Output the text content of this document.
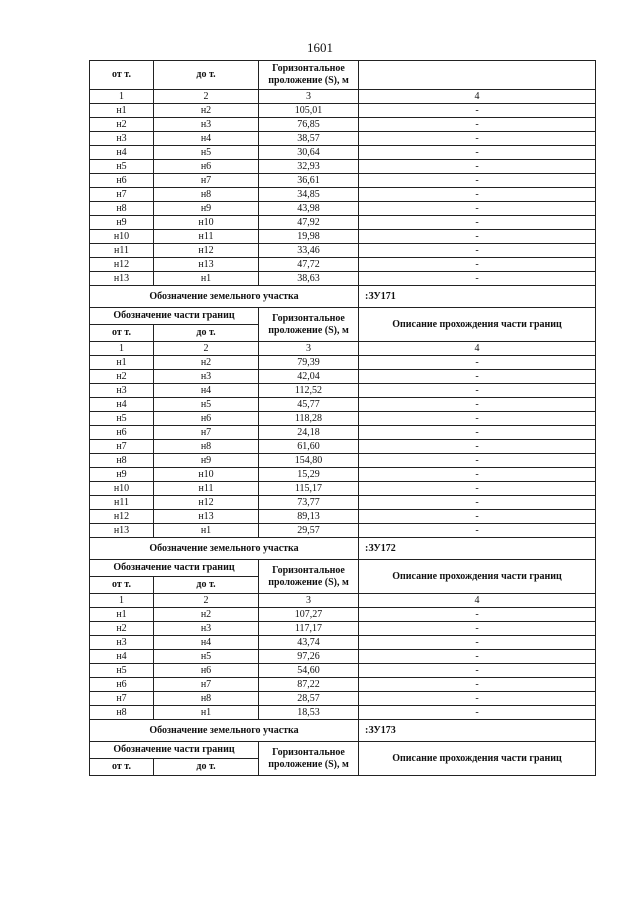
1601
от т.	до т.	Горизонтальное проложение (S), м	
1	2	3	4
н1	н2	105,01	-
н2	н3	76,85	-
н3	н4	38,57	-
н4	н5	30,64	-
н5	н6	32,93	-
н6	н7	36,61	-
н7	н8	34,85	-
н8	н9	43,98	-
н9	н10	47,92	-
н10	н11	19,98	-
н11	н12	33,46	-
н12	н13	47,72	-
н13	н1	38,63	-
Обозначение земельного участка			:ЗУ171
Обозначение части границ		Горизонтальное проложение (S), м	Описание прохождения части границ
от т.	до т.		
1	2	3	4
н1	н2	79,39	-
н2	н3	42,04	-
н3	н4	112,52	-
н4	н5	45,77	-
н5	н6	118,28	-
н6	н7	24,18	-
н7	н8	61,60	-
н8	н9	154,80	-
н9	н10	15,29	-
н10	н11	115,17	-
н11	н12	73,77	-
н12	н13	89,13	-
н13	н1	29,57	-
Обозначение земельного участка			:ЗУ172
Обозначение части границ		Горизонтальное проложение (S), м	Описание прохождения части границ
от т.	до т.		
1	2	3	4
н1	н2	107,27	-
н2	н3	117,17	-
н3	н4	43,74	-
н4	н5	97,26	-
н5	н6	54,60	-
н6	н7	87,22	-
н7	н8	28,57	-
н8	н1	18,53	-
Обозначение земельного участка			:ЗУ173
Обозначение части границ		Горизонтальное проложение (S), м	Описание прохождения части границ
от т.	до т.		
